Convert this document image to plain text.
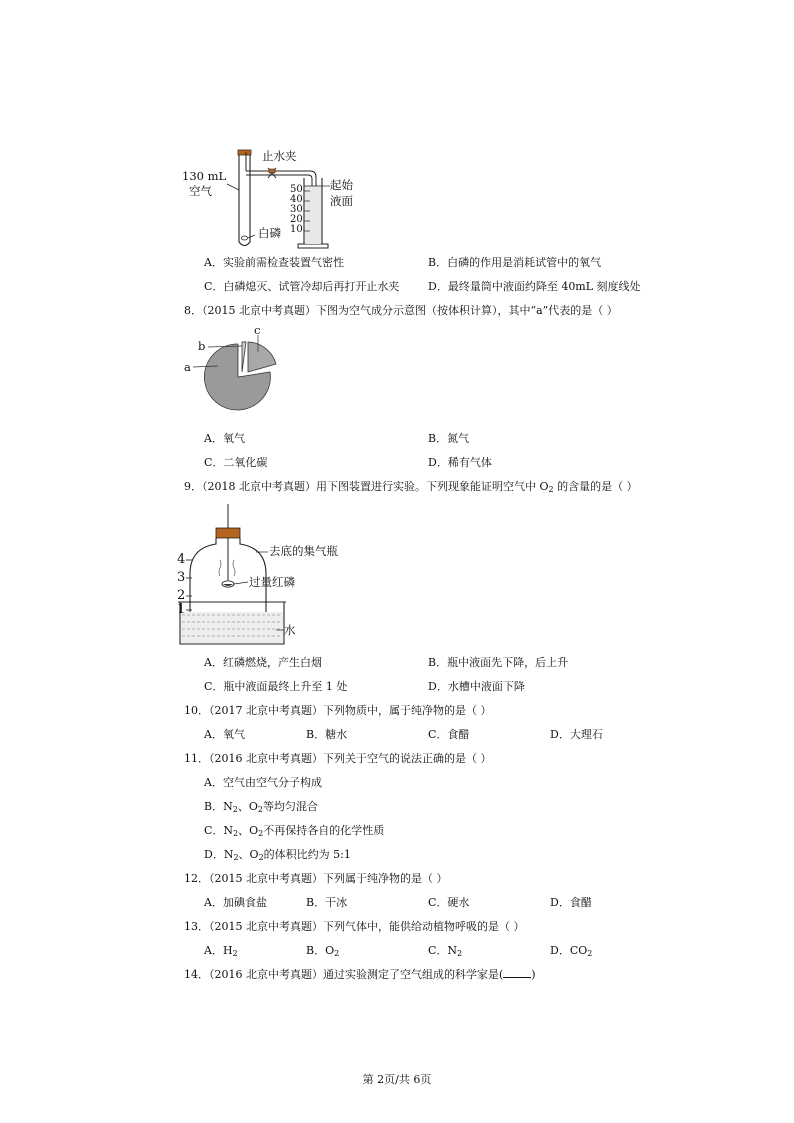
止水夹
130 mL
空气
白磷
起始
液面
50
40
30
20
10
A．实验前需检查装置气密性	B．白磷的作用是消耗试管中的氧气
C．白磷熄灭、试管冷却后再打开止水夹	D．最终量筒中液面约降至 40mL 刻度线处
8．（2015 北京中考真题）下图为空气成分示意图（按体积计算），其中“a”代表的是（ ）
a
b
c
A．氧气	B．氮气
C．二氧化碳	D．稀有气体
9．（2018 北京中考真题）用下图装置进行实验。下列现象能证明空气中 $O_2$ 的含量的是（ ）
去底的集气瓶
过量红磷
水
4
3
2
1
A．红磷燃烧，产生白烟	B．瓶中液面先下降，后上升
C．瓶中液面最终上升至 1 处	D．水槽中液面下降
10．（2017 北京中考真题）下列物质中，属于纯净物的是（ ）
A．氧气	B．糖水	C．食醋	D．大理石
11．（2016 北京中考真题）下列关于空气的说法正确的是（ ）
A．空气由空气分子构成
B．$N_2$、$O_2$等均匀混合
C．$N_2$、$O_2$不再保持各自的化学性质
D．$N_2$、$O_2$的体积比约为 5:1
12．（2015 北京中考真题）下列属于纯净物的是（ ）
A．加碘食盐	B．干冰	C．硬水	D．食醋
13．（2015 北京中考真题）下列气体中，能供给动植物呼吸的是（ ）
A．$H_2$	B．$O_2$	C．$N_2$	D．$CO_2$
14．（2016 北京中考真题）通过实验测定了空气组成的科学家是(	)
第 2页/共 6页
